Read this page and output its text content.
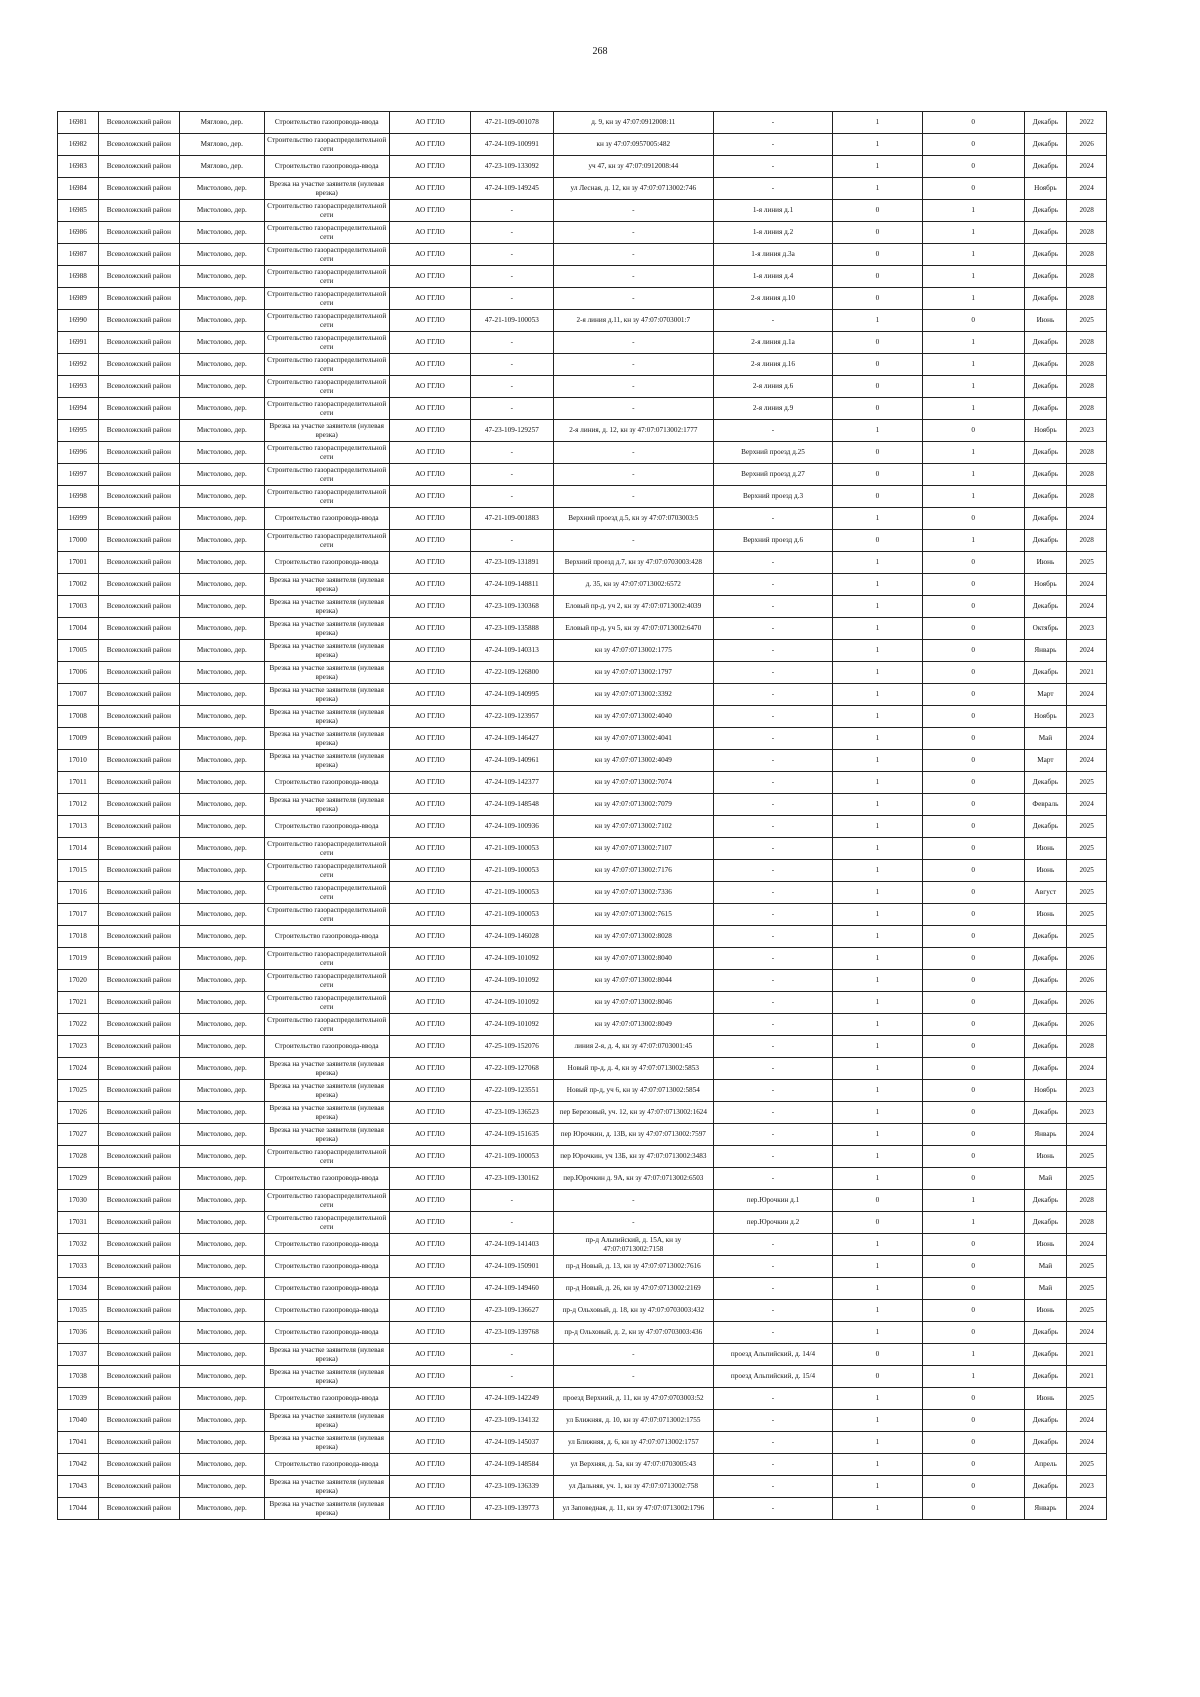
268
16981	Всеволожский район	Мяглово, дер.	Строительство газопровода-ввода	АО ГГЛО	47-21-109-001078	д. 9, кн зу 47:07:0912008:11	-	1	0	Декабрь	2022
16982	Всеволожский район	Мяглово, дер.	Строительство газораспределительной сети	АО ГГЛО	47-24-109-100991	кн зу 47:07:0957005:482	-	1	0	Декабрь	2026
16983	Всеволожский район	Мяглово, дер.	Строительство газопровода-ввода	АО ГГЛО	47-23-109-133092	уч 47, кн зу 47:07:0912008:44	-	1	0	Декабрь	2024
16984	Всеволожский район	Мистолово, дер.	Врезка на участке заявителя (нулевая врезка)	АО ГГЛО	47-24-109-149245	ул Лесная, д. 12, кн зу 47:07:0713002:746	-	1	0	Ноябрь	2024
16985	Всеволожский район	Мистолово, дер.	Строительство газораспределительной сети	АО ГГЛО	-	-	1-я линия д.1	0	1	Декабрь	2028
16986	Всеволожский район	Мистолово, дер.	Строительство газораспределительной сети	АО ГГЛО	-	-	1-я линия д.2	0	1	Декабрь	2028
16987	Всеволожский район	Мистолово, дер.	Строительство газораспределительной сети	АО ГГЛО	-	-	1-я линия д.3а	0	1	Декабрь	2028
16988	Всеволожский район	Мистолово, дер.	Строительство газораспределительной сети	АО ГГЛО	-	-	1-я линия д.4	0	1	Декабрь	2028
16989	Всеволожский район	Мистолово, дер.	Строительство газораспределительной сети	АО ГГЛО	-	-	2-я линия д.10	0	1	Декабрь	2028
16990	Всеволожский район	Мистолово, дер.	Строительство газораспределительной сети	АО ГГЛО	47-21-109-100053	2-я линия д.11, кн зу 47:07:0703001:7	-	1	0	Июнь	2025
16991	Всеволожский район	Мистолово, дер.	Строительство газораспределительной сети	АО ГГЛО	-	-	2-я линия д.1а	0	1	Декабрь	2028
16992	Всеволожский район	Мистолово, дер.	Строительство газораспределительной сети	АО ГГЛО	-	-	2-я линия д.16	0	1	Декабрь	2028
16993	Всеволожский район	Мистолово, дер.	Строительство газораспределительной сети	АО ГГЛО	-	-	2-я линия д.6	0	1	Декабрь	2028
16994	Всеволожский район	Мистолово, дер.	Строительство газораспределительной сети	АО ГГЛО	-	-	2-я линия д.9	0	1	Декабрь	2028
16995	Всеволожский район	Мистолово, дер.	Врезка на участке заявителя (нулевая врезка)	АО ГГЛО	47-23-109-129257	2-я линия, д. 12, кн зу 47:07:0713002:1777	-	1	0	Ноябрь	2023
16996	Всеволожский район	Мистолово, дер.	Строительство газораспределительной сети	АО ГГЛО	-	-	Верхний проезд д.25	0	1	Декабрь	2028
16997	Всеволожский район	Мистолово, дер.	Строительство газораспределительной сети	АО ГГЛО	-	-	Верхний проезд д.27	0	1	Декабрь	2028
16998	Всеволожский район	Мистолово, дер.	Строительство газораспределительной сети	АО ГГЛО	-	-	Верхний проезд д.3	0	1	Декабрь	2028
16999	Всеволожский район	Мистолово, дер.	Строительство газопровода-ввода	АО ГГЛО	47-21-109-001883	Верхний проезд д.5, кн зу 47:07:0703003:5	-	1	0	Декабрь	2024
17000	Всеволожский район	Мистолово, дер.	Строительство газораспределительной сети	АО ГГЛО	-	-	Верхний проезд д.6	0	1	Декабрь	2028
17001	Всеволожский район	Мистолово, дер.	Строительство газопровода-ввода	АО ГГЛО	47-23-109-131891	Верхний проезд д.7, кн зу 47:07:0703003:428	-	1	0	Июнь	2025
17002	Всеволожский район	Мистолово, дер.	Врезка на участке заявителя (нулевая врезка)	АО ГГЛО	47-24-109-148811	д. 35, кн зу 47:07:0713002:6572	-	1	0	Ноябрь	2024
17003	Всеволожский район	Мистолово, дер.	Врезка на участке заявителя (нулевая врезка)	АО ГГЛО	47-23-109-130368	Еловый пр-д, уч 2, кн зу 47:07:0713002:4039	-	1	0	Декабрь	2024
17004	Всеволожский район	Мистолово, дер.	Врезка на участке заявителя (нулевая врезка)	АО ГГЛО	47-23-109-135888	Еловый пр-д, уч 5, кн зу 47:07:0713002:6470	-	1	0	Октябрь	2023
17005	Всеволожский район	Мистолово, дер.	Врезка на участке заявителя (нулевая врезка)	АО ГГЛО	47-24-109-140313	кн зу 47:07:0713002:1775	-	1	0	Январь	2024
17006	Всеволожский район	Мистолово, дер.	Врезка на участке заявителя (нулевая врезка)	АО ГГЛО	47-22-109-126800	кн зу 47:07:0713002:1797	-	1	0	Декабрь	2021
17007	Всеволожский район	Мистолово, дер.	Врезка на участке заявителя (нулевая врезка)	АО ГГЛО	47-24-109-140995	кн зу 47:07:0713002:3392	-	1	0	Март	2024
17008	Всеволожский район	Мистолово, дер.	Врезка на участке заявителя (нулевая врезка)	АО ГГЛО	47-22-109-123957	кн зу 47:07:0713002:4040	-	1	0	Ноябрь	2023
17009	Всеволожский район	Мистолово, дер.	Врезка на участке заявителя (нулевая врезка)	АО ГГЛО	47-24-109-146427	кн зу 47:07:0713002:4041	-	1	0	Май	2024
17010	Всеволожский район	Мистолово, дер.	Врезка на участке заявителя (нулевая врезка)	АО ГГЛО	47-24-109-140961	кн зу 47:07:0713002:4049	-	1	0	Март	2024
17011	Всеволожский район	Мистолово, дер.	Строительство газопровода-ввода	АО ГГЛО	47-24-109-142377	кн зу 47:07:0713002:7074	-	1	0	Декабрь	2025
17012	Всеволожский район	Мистолово, дер.	Врезка на участке заявителя (нулевая врезка)	АО ГГЛО	47-24-109-148548	кн зу 47:07:0713002:7079	-	1	0	Февраль	2024
17013	Всеволожский район	Мистолово, дер.	Строительство газопровода-ввода	АО ГГЛО	47-24-109-100936	кн зу 47:07:0713002:7102	-	1	0	Декабрь	2025
17014	Всеволожский район	Мистолово, дер.	Строительство газораспределительной сети	АО ГГЛО	47-21-109-100053	кн зу 47:07:0713002:7107	-	1	0	Июнь	2025
17015	Всеволожский район	Мистолово, дер.	Строительство газораспределительной сети	АО ГГЛО	47-21-109-100053	кн зу 47:07:0713002:7176	-	1	0	Июнь	2025
17016	Всеволожский район	Мистолово, дер.	Строительство газораспределительной сети	АО ГГЛО	47-21-109-100053	кн зу 47:07:0713002:7336	-	1	0	Август	2025
17017	Всеволожский район	Мистолово, дер.	Строительство газораспределительной сети	АО ГГЛО	47-21-109-100053	кн зу 47:07:0713002:7615	-	1	0	Июнь	2025
17018	Всеволожский район	Мистолово, дер.	Строительство газопровода-ввода	АО ГГЛО	47-24-109-146028	кн зу 47:07:0713002:8028	-	1	0	Декабрь	2025
17019	Всеволожский район	Мистолово, дер.	Строительство газораспределительной сети	АО ГГЛО	47-24-109-101092	кн зу 47:07:0713002:8040	-	1	0	Декабрь	2026
17020	Всеволожский район	Мистолово, дер.	Строительство газораспределительной сети	АО ГГЛО	47-24-109-101092	кн зу 47:07:0713002:8044	-	1	0	Декабрь	2026
17021	Всеволожский район	Мистолово, дер.	Строительство газораспределительной сети	АО ГГЛО	47-24-109-101092	кн зу 47:07:0713002:8046	-	1	0	Декабрь	2026
17022	Всеволожский район	Мистолово, дер.	Строительство газораспределительной сети	АО ГГЛО	47-24-109-101092	кн зу 47:07:0713002:8049	-	1	0	Декабрь	2026
17023	Всеволожский район	Мистолово, дер.	Строительство газопровода-ввода	АО ГГЛО	47-25-109-152076	линия 2-я, д. 4, кн зу 47:07:0703001:45	-	1	0	Декабрь	2028
17024	Всеволожский район	Мистолово, дер.	Врезка на участке заявителя (нулевая врезка)	АО ГГЛО	47-22-109-127068	Новый пр-д, д. 4, кн зу 47:07:0713002:5853	-	1	0	Декабрь	2024
17025	Всеволожский район	Мистолово, дер.	Врезка на участке заявителя (нулевая врезка)	АО ГГЛО	47-22-109-123551	Новый пр-д, уч 6, кн зу 47:07:0713002:5854	-	1	0	Ноябрь	2023
17026	Всеволожский район	Мистолово, дер.	Врезка на участке заявителя (нулевая врезка)	АО ГГЛО	47-23-109-136523	пер Березовый, уч. 12, кн зу 47:07:0713002:1624	-	1	0	Декабрь	2023
17027	Всеволожский район	Мистолово, дер.	Врезка на участке заявителя (нулевая врезка)	АО ГГЛО	47-24-109-151635	пер Юрочкин, д. 13В, кн зу 47:07:0713002:7597	-	1	0	Январь	2024
17028	Всеволожский район	Мистолово, дер.	Строительство газораспределительной сети	АО ГГЛО	47-21-109-100053	пер Юрочкин, уч 13Б, кн зу 47:07:0713002:3483	-	1	0	Июнь	2025
17029	Всеволожский район	Мистолово, дер.	Строительство газопровода-ввода	АО ГГЛО	47-23-109-130162	пер.Юрочкин д. 9А, кн зу 47:07:0713002:6503	-	1	0	Май	2025
17030	Всеволожский район	Мистолово, дер.	Строительство газораспределительной сети	АО ГГЛО	-	-	пер.Юрочкин д.1	0	1	Декабрь	2028
17031	Всеволожский район	Мистолово, дер.	Строительство газораспределительной сети	АО ГГЛО	-	-	пер.Юрочкин д.2	0	1	Декабрь	2028
17032	Всеволожский район	Мистолово, дер.	Строительство газопровода-ввода	АО ГГЛО	47-24-109-141403	пр-д Альпийский, д. 15А, кн зу 47:07:0713002:7158	-	1	0	Июнь	2024
17033	Всеволожский район	Мистолово, дер.	Строительство газопровода-ввода	АО ГГЛО	47-24-109-150901	пр-д Новый, д. 13, кн зу 47:07:0713002:7616	-	1	0	Май	2025
17034	Всеволожский район	Мистолово, дер.	Строительство газопровода-ввода	АО ГГЛО	47-24-109-149460	пр-д Новый, д. 26, кн зу 47:07:0713002:2169	-	1	0	Май	2025
17035	Всеволожский район	Мистолово, дер.	Строительство газопровода-ввода	АО ГГЛО	47-23-109-136627	пр-д Ольховый, д. 18, кн зу 47:07:0703003:432	-	1	0	Июнь	2025
17036	Всеволожский район	Мистолово, дер.	Строительство газопровода-ввода	АО ГГЛО	47-23-109-139768	пр-д Ольховый, д. 2, кн зу 47:07:0703003:436	-	1	0	Декабрь	2024
17037	Всеволожский район	Мистолово, дер.	Врезка на участке заявителя (нулевая врезка)	АО ГГЛО	-	-	проезд Альпийский, д. 14/4	0	1	Декабрь	2021
17038	Всеволожский район	Мистолово, дер.	Врезка на участке заявителя (нулевая врезка)	АО ГГЛО	-	-	проезд Альпийский, д. 15/4	0	1	Декабрь	2021
17039	Всеволожский район	Мистолово, дер.	Строительство газопровода-ввода	АО ГГЛО	47-24-109-142249	проезд Верхний, д. 11, кн зу 47:07:0703003:52	-	1	0	Июнь	2025
17040	Всеволожский район	Мистолово, дер.	Врезка на участке заявителя (нулевая врезка)	АО ГГЛО	47-23-109-134132	ул Ближняя, д. 10, кн зу 47:07:0713002:1755	-	1	0	Декабрь	2024
17041	Всеволожский район	Мистолово, дер.	Врезка на участке заявителя (нулевая врезка)	АО ГГЛО	47-24-109-145037	ул Ближняя, д. 6, кн зу 47:07:0713002:1757	-	1	0	Декабрь	2024
17042	Всеволожский район	Мистолово, дер.	Строительство газопровода-ввода	АО ГГЛО	47-24-109-148584	ул Верхняя, д. 5а, кн зу 47:07:0703005:43	-	1	0	Апрель	2025
17043	Всеволожский район	Мистолово, дер.	Врезка на участке заявителя (нулевая врезка)	АО ГГЛО	47-23-109-136339	ул Дальняя, уч. 1, кн зу 47:07:0713002:758	-	1	0	Декабрь	2023
17044	Всеволожский район	Мистолово, дер.	Врезка на участке заявителя (нулевая врезка)	АО ГГЛО	47-23-109-139773	ул Заповедная, д. 11, кн зу 47:07:0713002:1796	-	1	0	Январь	2024
